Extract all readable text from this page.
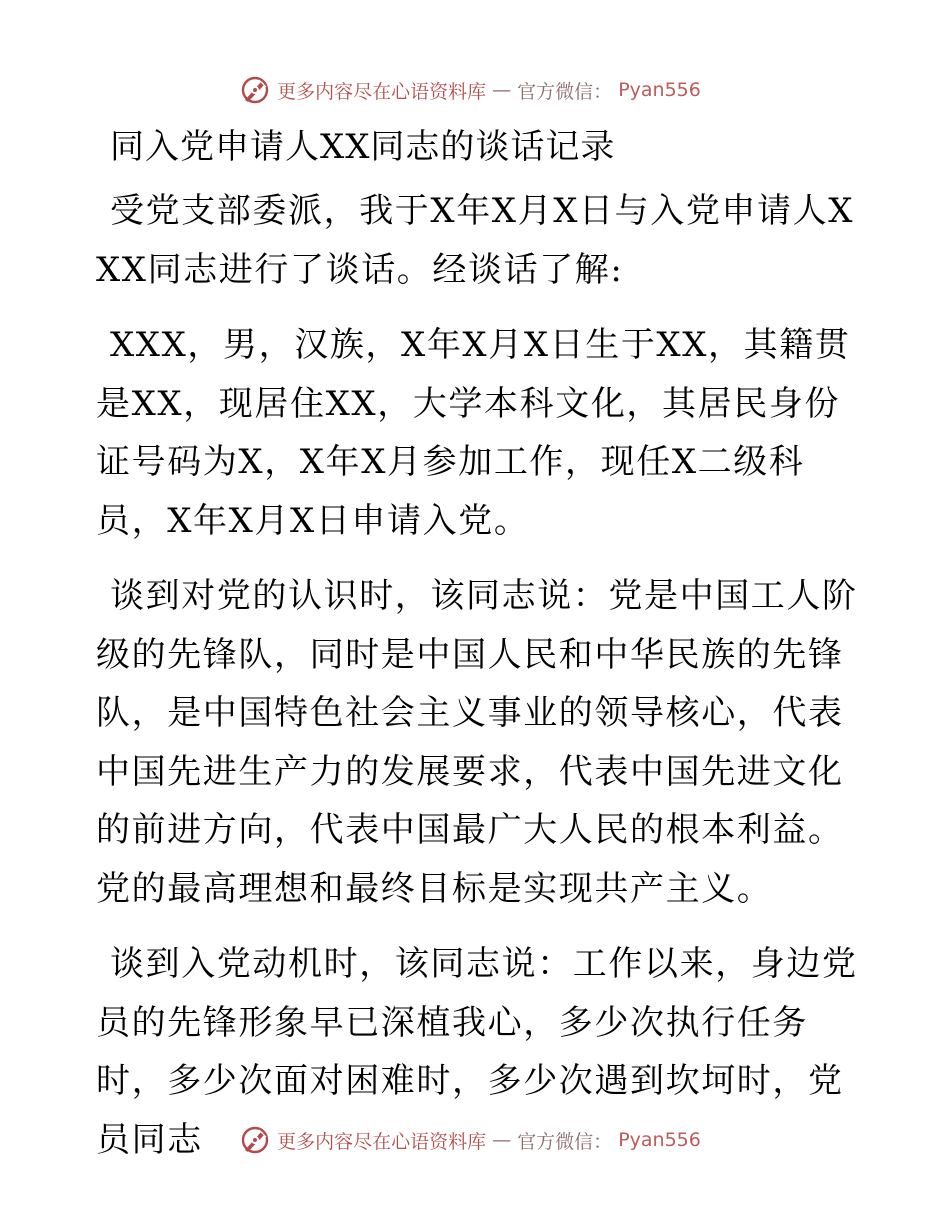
更多内容尽在心语资料库 — 官方微信： Pyan556
同入党申请人XX同志的谈话记录

受党支部委派，我于X年X月X日与入党申请人XXX同志进行了谈话。经谈话了解:

XXX，男，汉族，X年X月X日生于XX，其籍贯是XX，现居住XX，大学本科文化，其居民身份证号码为X，X年X月参加工作，现任X二级科员，X年X月X日申请入党。

谈到对党的认识时，该同志说：党是中国工人阶级的先锋队，同时是中国人民和中华民族的先锋队，是中国特色社会主义事业的领导核心，代表中国先进生产力的发展要求，代表中国先进文化的前进方向，代表中国最广大人民的根本利益。党的最高理想和最终目标是实现共产主义。

谈到入党动机时，该同志说：工作以来，身边党员的先锋形象早已深植我心，多少次执行任务时，多少次面对困难时，多少次遇到坎坷时，党员同志	更多内容尽在心语资料库 — 官方微信： Pyan556
